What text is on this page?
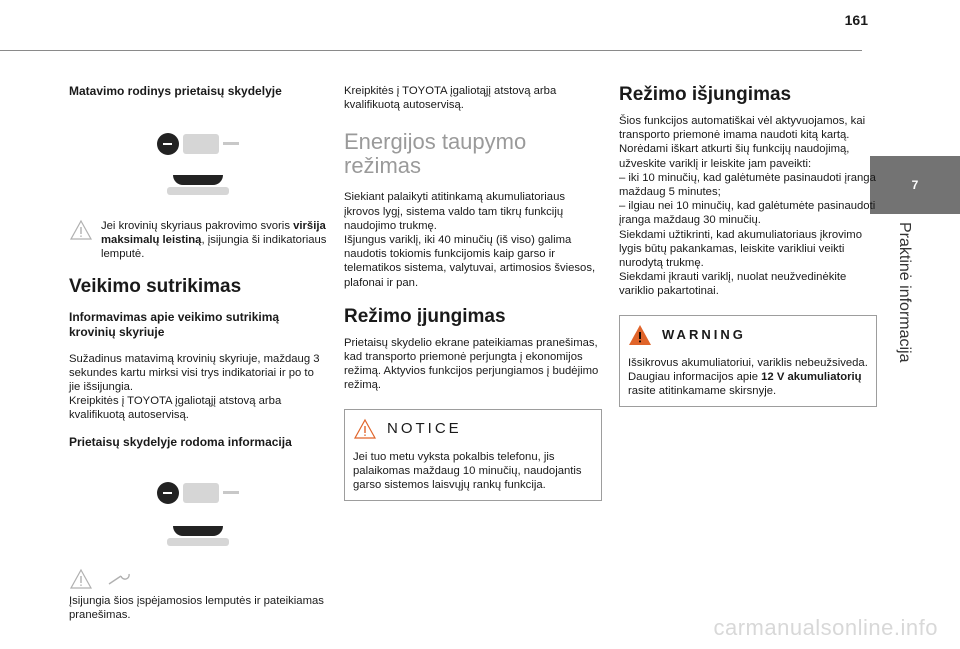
161
7
Praktinė informacija
Matavimo rodinys prietaisų skydelyje

Jei krovinių skyriaus pakrovimo svoris viršija maksimalų leistiną, įsijungia ši indikatoriaus lemputė.

Veikimo sutrikimas
Informavimas apie veikimo sutrikimą krovinių skyriuje

Sužadinus matavimą krovinių skyriuje, maždaug 3 sekundes kartu mirksi visi trys indikatoriai ir po to jie išsijungia.

Kreipkitės į TOYOTA įgaliotąjį atstovą arba kvalifikuotą autoservisą.

Prietaisų skydelyje rodoma informacija

Įsijungia šios įspėjamosios lemputės ir pateikiamas pranešimas.

Kreipkitės į TOYOTA įgaliotąjį atstovą arba kvalifikuotą autoservisą.

Energijos taupymo režimas

Siekiant palaikyti atitinkamą akumuliatoriaus įkrovos lygį, sistema valdo tam tikrų funkcijų naudojimo trukmę.

Išjungus variklį, iki 40 minučių (iš viso) galima naudotis tokiomis funkcijomis kaip garso ir telematikos sistema, valytuvai, artimosios šviesos, plafonai ir pan.

Režimo įjungimas

Prietaisų skydelio ekrane pateikiamas pranešimas, kad transporto priemonė perjungta į ekonomijos režimą. Aktyvios funkcijos perjungiamos į budėjimo režimą.

NOTICE

Jei tuo metu vyksta pokalbis telefonu, jis palaikomas maždaug 10 minučių, naudojantis garso sistemos laisvųjų rankų funkcija.

Režimo išjungimas

Šios funkcijos automatiškai vėl aktyvuojamos, kai transporto priemonė imama naudoti kitą kartą.

Norėdami iškart atkurti šių funkcijų naudojimą, užveskite variklį ir leiskite jam paveikti:

– iki 10 minučių, kad galėtumėte pasinaudoti įranga maždaug 5 minutes;

– ilgiau nei 10 minučių, kad galėtumėte pasinaudoti įranga maždaug 30 minučių.

Siekdami užtikrinti, kad akumuliatoriaus įkrovimo lygis būtų pakankamas, leiskite varikliui veikti nurodytą trukmę.

Siekdami įkrauti variklį, nuolat neužvedinėkite variklio pakartotinai.

WARNING

Išsikrovus akumuliatoriui, variklis nebeužsiveda.

Daugiau informacijos apie 12 V akumuliatorių rasite atitinkamame skirsnyje.

carmanualsonline.info
